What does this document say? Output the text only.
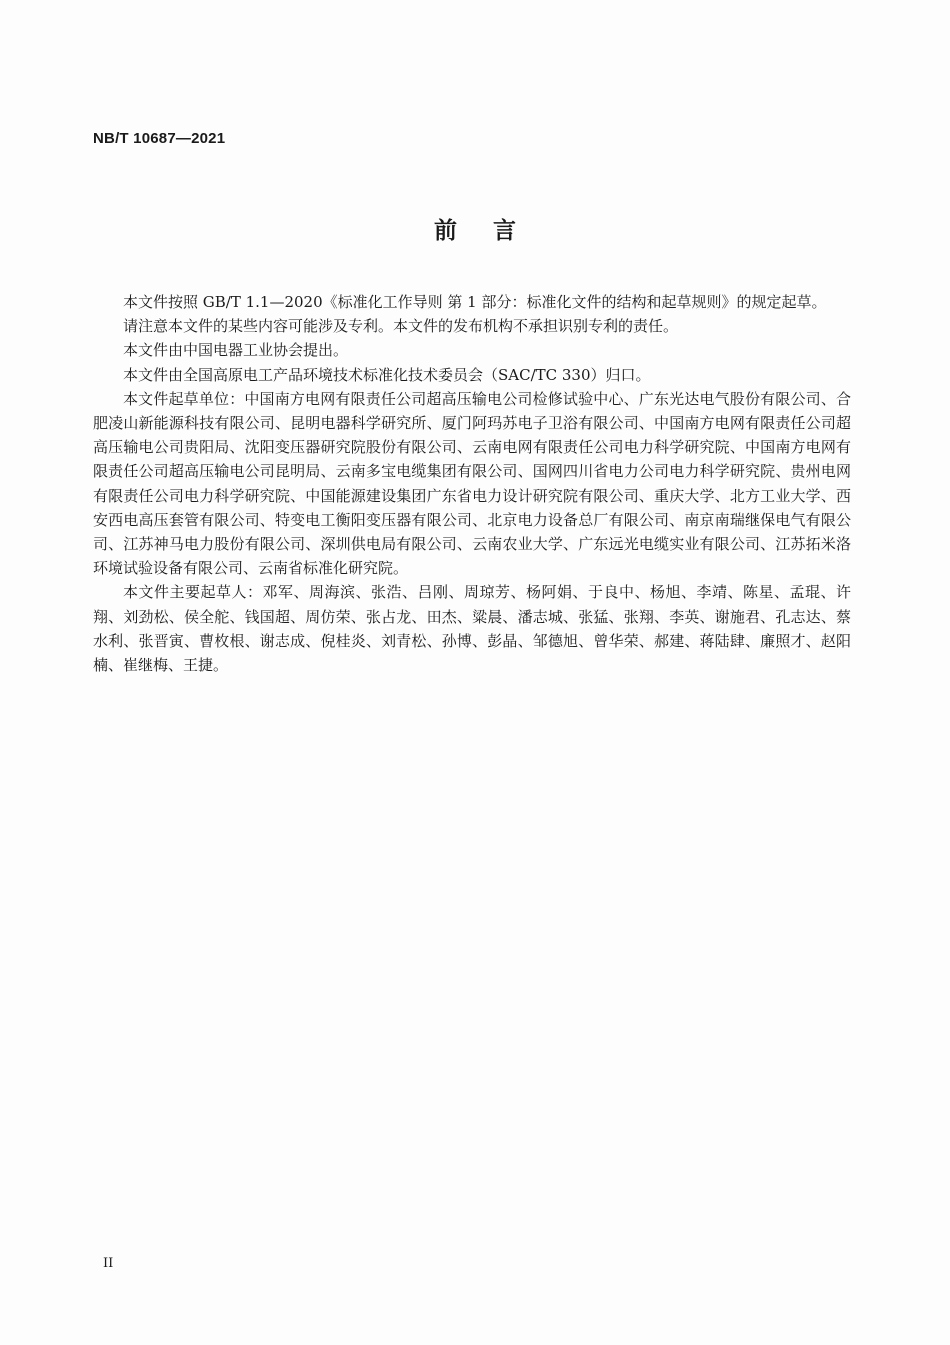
NB/T 10687—2021
前言

本文件按照 GB/T 1.1—2020《标准化工作导则 第 1 部分：标准化文件的结构和起草规则》的规定起草。

请注意本文件的某些内容可能涉及专利。本文件的发布机构不承担识别专利的责任。

本文件由中国电器工业协会提出。

本文件由全国高原电工产品环境技术标准化技术委员会（SAC/TC 330）归口。

本文件起草单位：中国南方电网有限责任公司超高压输电公司检修试验中心、广东光达电气股份有限公司、合肥凌山新能源科技有限公司、昆明电器科学研究所、厦门阿玛苏电子卫浴有限公司、中国南方电网有限责任公司超高压输电公司贵阳局、沈阳变压器研究院股份有限公司、云南电网有限责任公司电力科学研究院、中国南方电网有限责任公司超高压输电公司昆明局、云南多宝电缆集团有限公司、国网四川省电力公司电力科学研究院、贵州电网有限责任公司电力科学研究院、中国能源建设集团广东省电力设计研究院有限公司、重庆大学、北方工业大学、西安西电高压套管有限公司、特变电工衡阳变压器有限公司、北京电力设备总厂有限公司、南京南瑞继保电气有限公司、江苏神马电力股份有限公司、深圳供电局有限公司、云南农业大学、广东远光电缆实业有限公司、江苏拓米洛环境试验设备有限公司、云南省标准化研究院。

本文件主要起草人：邓军、周海滨、张浩、吕刚、周琼芳、杨阿娟、于良中、杨旭、李靖、陈星、孟琨、许翔、刘劲松、侯全舵、钱国超、周仿荣、张占龙、田杰、粱晨、潘志城、张猛、张翔、李英、谢施君、孔志达、蔡水利、张晋寅、曹枚根、谢志成、倪桂炎、刘青松、孙博、彭晶、邹德旭、曾华荣、郝建、蒋陆肆、廉照才、赵阳楠、崔继梅、王捷。

II
